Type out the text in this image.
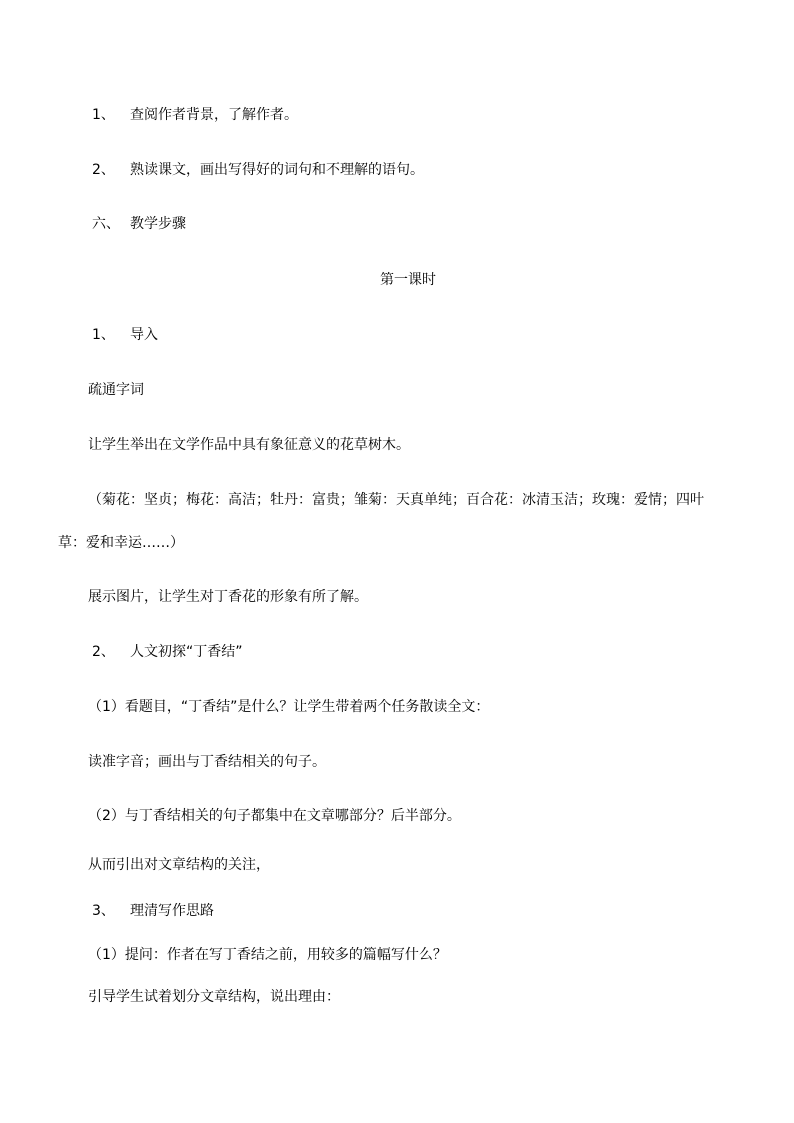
1、 查阅作者背景，了解作者。
2、 熟读课文，画出写得好的词句和不理解的语句。
六、 教学步骤
第一课时
1、 导入
疏通字词
让学生举出在文学作品中具有象征意义的花草树木。
（菊花：坚贞；梅花：高洁；牡丹：富贵；雏菊：天真单纯；百合花：冰清玉洁；玫瑰：爱情；四叶
草：爱和幸运……）
展示图片，让学生对丁香花的形象有所了解。
2、 人文初探“丁香结”
（1）看题目，“丁香结”是什么？让学生带着两个任务散读全文：
读准字音；画出与丁香结相关的句子。
（2）与丁香结相关的句子都集中在文章哪部分？后半部分。
从而引出对文章结构的关注，
3、 理清写作思路
（1）提问：作者在写丁香结之前，用较多的篇幅写什么？
引导学生试着划分文章结构，说出理由：
